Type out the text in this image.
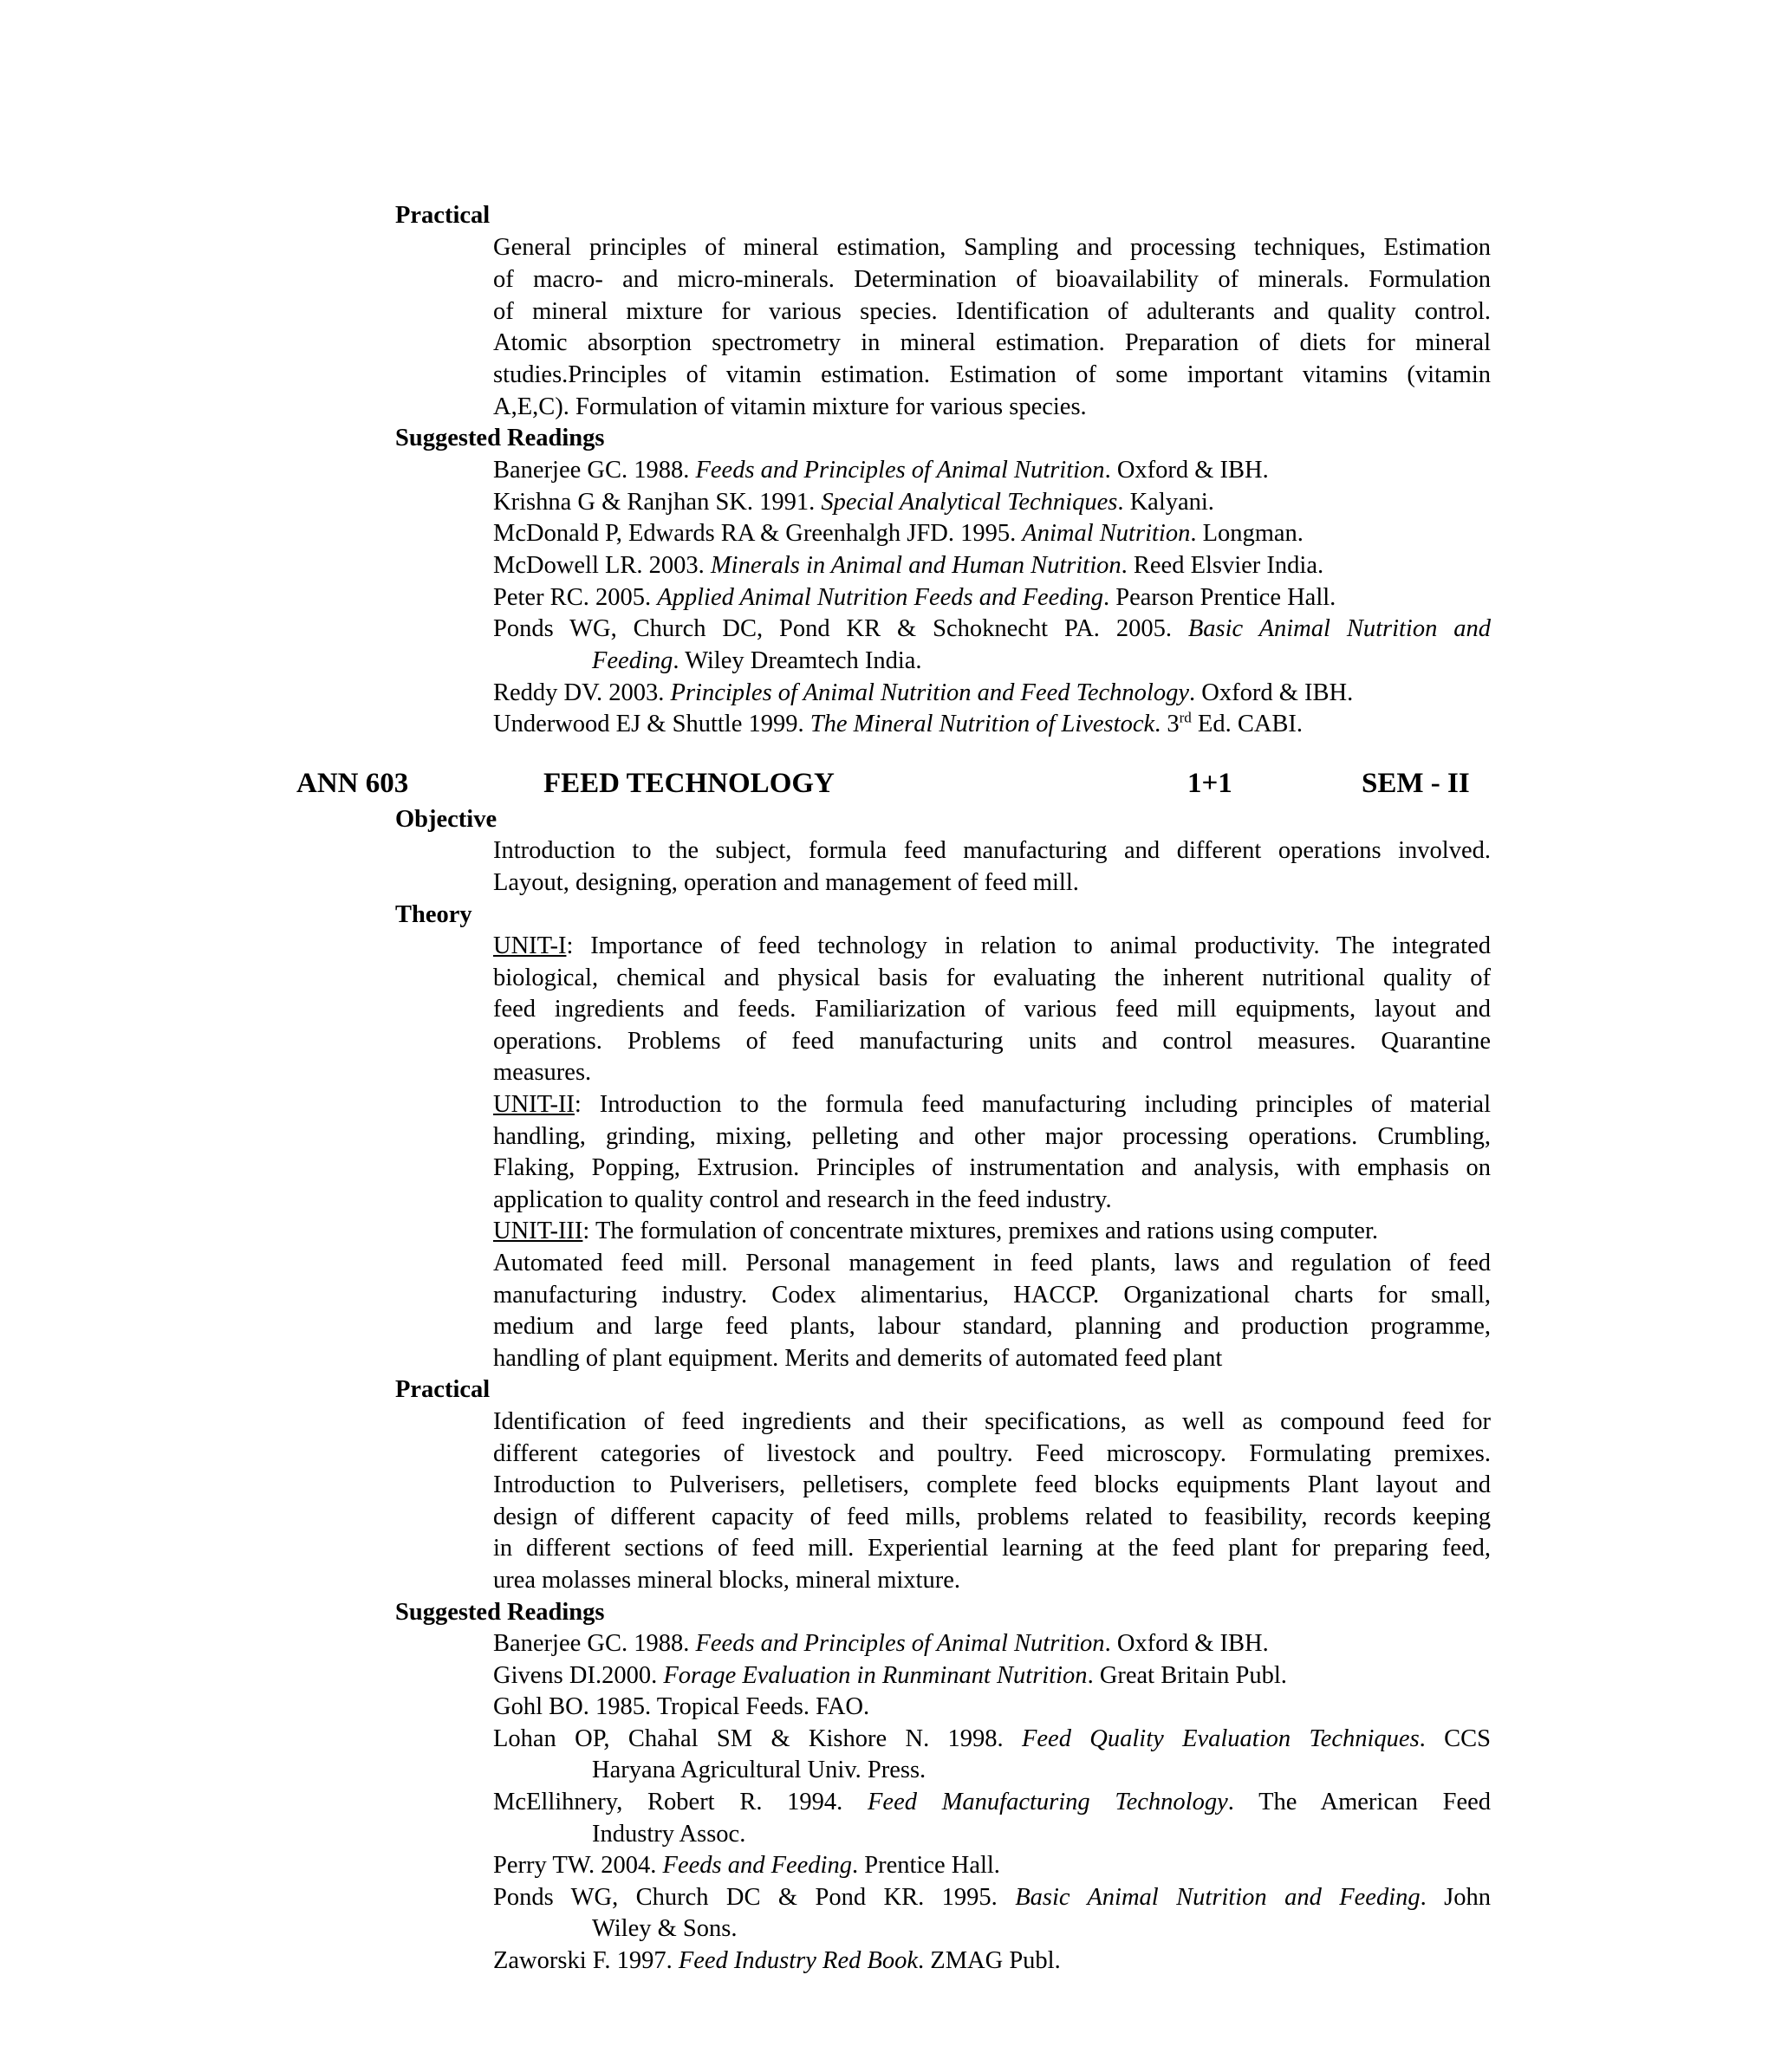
Practical
General principles of mineral estimation, Sampling and processing techniques, Estimation
of macro- and micro-minerals. Determination of bioavailability of minerals. Formulation
of mineral mixture for various species. Identification of adulterants and quality control.
Atomic absorption spectrometry in mineral estimation. Preparation of diets for mineral
studies.Principles of vitamin estimation. Estimation of some important vitamins (vitamin
A,E,C). Formulation of vitamin mixture for various species.
Suggested Readings
Banerjee GC. 1988. Feeds and Principles of Animal Nutrition. Oxford & IBH.
Krishna G & Ranjhan SK. 1991. Special Analytical Techniques. Kalyani.
McDonald P, Edwards RA & Greenhalgh JFD. 1995. Animal Nutrition. Longman.
McDowell LR. 2003. Minerals in Animal and Human Nutrition. Reed Elsvier India.
Peter RC. 2005. Applied Animal Nutrition Feeds and Feeding. Pearson Prentice Hall.
Ponds WG, Church DC, Pond KR & Schoknecht PA. 2005. Basic Animal Nutrition and
Feeding. Wiley Dreamtech India.
Reddy DV. 2003. Principles of Animal Nutrition and Feed Technology. Oxford & IBH.
Underwood EJ & Shuttle 1999. The Mineral Nutrition of Livestock. 3rd Ed. CABI.
ANN 603	FEED TECHNOLOGY	1+1	SEM - II
Objective
Introduction to the subject, formula feed manufacturing and different operations involved.
Layout, designing, operation and management of feed mill.
Theory
UNIT-I: Importance of feed technology in relation to animal productivity. The integrated
biological, chemical and physical basis for evaluating the inherent nutritional quality of
feed ingredients and feeds. Familiarization of various feed mill equipments, layout and
operations. Problems of feed manufacturing units and control measures. Quarantine
measures.
UNIT-II: Introduction to the formula feed manufacturing including principles of material
handling, grinding, mixing, pelleting and other major processing operations. Crumbling,
Flaking, Popping, Extrusion. Principles of instrumentation and analysis, with emphasis on
application to quality control and research in the feed industry.
UNIT-III: The formulation of concentrate mixtures, premixes and rations using computer.
Automated feed mill. Personal management in feed plants, laws and regulation of feed
manufacturing industry. Codex alimentarius, HACCP. Organizational charts for small,
medium and large feed plants, labour standard, planning and production programme,
handling of plant equipment. Merits and demerits of automated feed plant
Practical
Identification of feed ingredients and their specifications, as well as compound feed for
different categories of livestock and poultry. Feed microscopy. Formulating premixes.
Introduction to Pulverisers, pelletisers, complete feed blocks equipments Plant layout and
design of different capacity of feed mills, problems related to feasibility, records keeping
in different sections of feed mill. Experiential learning at the feed plant for preparing feed,
urea molasses mineral blocks, mineral mixture.
Suggested Readings
Banerjee GC. 1988. Feeds and Principles of Animal Nutrition. Oxford & IBH.
Givens DI.2000. Forage Evaluation in Runminant Nutrition. Great Britain Publ.
Gohl BO. 1985. Tropical Feeds. FAO.
Lohan OP, Chahal SM & Kishore N. 1998. Feed Quality Evaluation Techniques. CCS
Haryana Agricultural Univ. Press.
McEllihnery, Robert R. 1994. Feed Manufacturing Technology. The American Feed
Industry Assoc.
Perry TW. 2004. Feeds and Feeding. Prentice Hall.
Ponds WG, Church DC & Pond KR. 1995. Basic Animal Nutrition and Feeding. John
Wiley & Sons.
Zaworski F. 1997. Feed Industry Red Book. ZMAG Publ.
